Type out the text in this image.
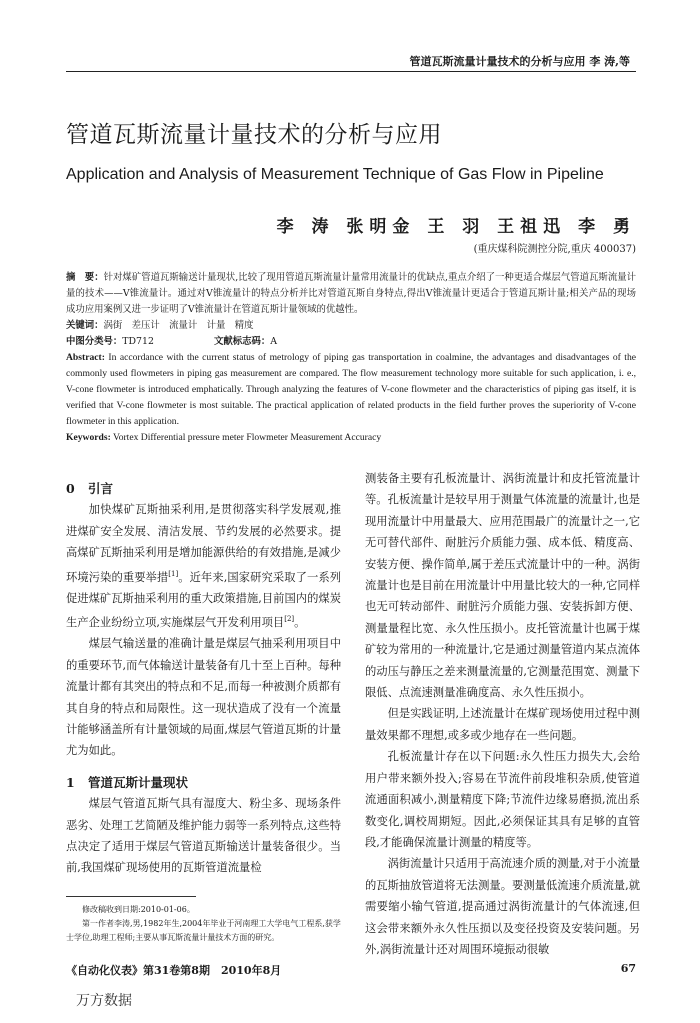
管道瓦斯流量计量技术的分析与应用 李 涛,等
管道瓦斯流量计量技术的分析与应用
Application and Analysis of Measurement Technique of Gas Flow in Pipeline
李 涛 张明金 王 羽 王祖迅 李 勇
(重庆煤科院测控分院,重庆 400037)

摘　要：针对煤矿管道瓦斯输送计量现状,比较了现用管道瓦斯流量计量常用流量计的优缺点,重点介绍了一种更适合煤层气管道瓦斯流量计量的技术——V锥流量计。通过对V锥流量计的特点分析并比对管道瓦斯自身特点,得出V锥流量计更适合于管道瓦斯计量;相关产品的现场成功应用案例又进一步证明了V锥流量计在管道瓦斯计量领域的优越性。

关键词：涡街　差压计　流量计　计量　精度

中图分类号：TD712	文献标志码：A

Abstract: In accordance with the current status of metrology of piping gas transportation in coalmine, the advantages and disadvantages of the commonly used flowmeters in piping gas measurement are compared. The flow measurement technology more suitable for such application, i. e., V-cone flowmeter is introduced emphatically. Through analyzing the features of V-cone flowmeter and the characteristics of piping gas itself, it is verified that V-cone flowmeter is most suitable. The practical application of related products in the field further proves the superiority of V-cone flowmeter in this application.

Keywords: Vortex Differential pressure meter Flowmeter Measurement Accuracy

0 引言

加快煤矿瓦斯抽采利用,是贯彻落实科学发展观,推进煤矿安全发展、清洁发展、节约发展的必然要求。提高煤矿瓦斯抽采利用是增加能源供给的有效措施,是减少环境污染的重要举措[1]。近年来,国家研究采取了一系列促进煤矿瓦斯抽采利用的重大政策措施,目前国内的煤炭生产企业纷纷立项,实施煤层气开发利用项目[2]。

煤层气输送量的准确计量是煤层气抽采利用项目中的重要环节,而气体输送计量装备有几十至上百种。每种流量计都有其突出的特点和不足,而每一种被测介质都有其自身的特点和局限性。这一现状造成了没有一个流量计能够涵盖所有计量领域的局面,煤层气管道瓦斯的计量尤为如此。

1 管道瓦斯计量现状

煤层气管道瓦斯气具有湿度大、粉尘多、现场条件恶劣、处理工艺简陋及维护能力弱等一系列特点,这些特点决定了适用于煤层气管道瓦斯输送计量装备很少。当前,我国煤矿现场使用的瓦斯管道流量检

测装备主要有孔板流量计、涡街流量计和皮托管流量计等。孔板流量计是较早用于测量气体流量的流量计,也是现用流量计中用量最大、应用范围最广的流量计之一,它无可替代部件、耐脏污介质能力强、成本低、精度高、安装方便、操作简单,属于差压式流量计中的一种。涡街流量计也是目前在用流量计中用量比较大的一种,它同样也无可转动部件、耐脏污介质能力强、安装拆卸方便、测量量程比宽、永久性压损小。皮托管流量计也属于煤矿较为常用的一种流量计,它是通过测量管道内某点流体的动压与静压之差来测量流量的,它测量范围宽、测量下限低、点流速测量准确度高、永久性压损小。

但是实践证明,上述流量计在煤矿现场使用过程中测量效果都不理想,或多或少地存在一些问题。

孔板流量计存在以下问题:永久性压力损失大,会给用户带来额外投入;容易在节流件前段堆积杂质,使管道流通面积减小,测量精度下降;节流件边缘易磨损,流出系数变化,调校周期短。因此,必须保证其具有足够的直管段,才能确保流量计测量的精度等。

涡街流量计只适用于高流速介质的测量,对于小流量的瓦斯抽放管道将无法测量。要测量低流速介质流量,就需要缩小输气管道,提高通过涡街流量计的气体流速,但这会带来额外永久性压损以及变径投资及安装问题。另外,涡街流量计还对周围环境振动很敏

修改稿收到日期:2010-01-06。

第一作者李涛,男,1982年生,2004年毕业于河南理工大学电气工程系,获学士学位,助理工程师;主要从事瓦斯流量计量技术方面的研究。

《自动化仪表》第31卷第8期　2010年8月	67
万方数据
